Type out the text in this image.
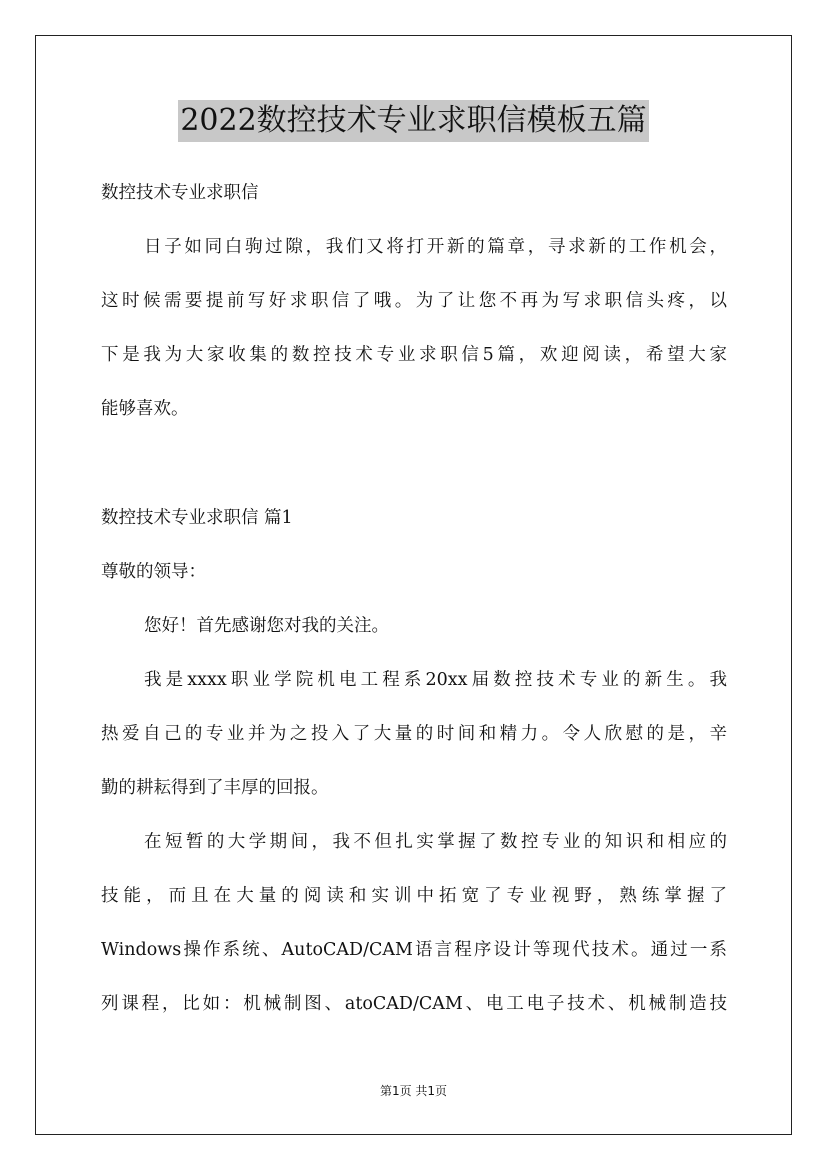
2022数控技术专业求职信模板五篇
数控技术专业求职信
日子如同白驹过隙，我们又将打开新的篇章，寻求新的工作机会，
这时候需要提前写好求职信了哦。为了让您不再为写求职信头疼，以
下是我为大家收集的数控技术专业求职信5篇，欢迎阅读，希望大家
能够喜欢。
数控技术专业求职信 篇1
尊敬的领导：
您好！首先感谢您对我的关注。
我是xxxx职业学院机电工程系20xx届数控技术专业的新生。我
热爱自己的专业并为之投入了大量的时间和精力。令人欣慰的是，辛
勤的耕耘得到了丰厚的回报。
在短暂的大学期间，我不但扎实掌握了数控专业的知识和相应的
技能，而且在大量的阅读和实训中拓宽了专业视野，熟练掌握了
Windows操作系统、AutoCAD/CAM语言程序设计等现代技术。通过一系
列课程，比如：机械制图、atoCAD/CAM、电工电子技术、机械制造技
第1页 共1页
